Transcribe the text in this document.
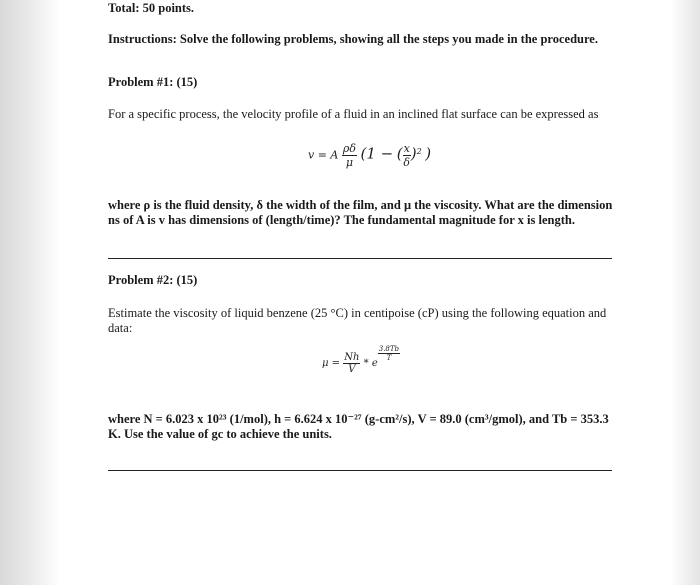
Total: 50 points.
Instructions: Solve the following problems, showing all the steps you made in the procedure.
Problem #1: (15)
For a specific process, the velocity profile of a fluid in an inclined flat surface can be expressed as
v = A $\frac{\rho\delta}{\mu} (1$ − ( $\frac{x}{\delta} )^2$ )
where ρ is the fluid density, δ the width of the film, and μ the viscosity. What are the dimension ns of A is v has dimensions of (length/time)? The fundamental magnitude for x is length.
Problem #2: (15)
Estimate the viscosity of liquid benzene (25 °C) in centipoise (cP) using the following equation and data:
$\mu = \frac{Nh}{V} * e$
$\frac{3.8Tb}{T}$
where N = 6.023 x 10²³ (1/mol), h = 6.624 x 10⁻²⁷ (g-cm²/s), V = 89.0 (cm³/gmol), and Tb = 353.3 K. Use the value of gc to achieve the units.
